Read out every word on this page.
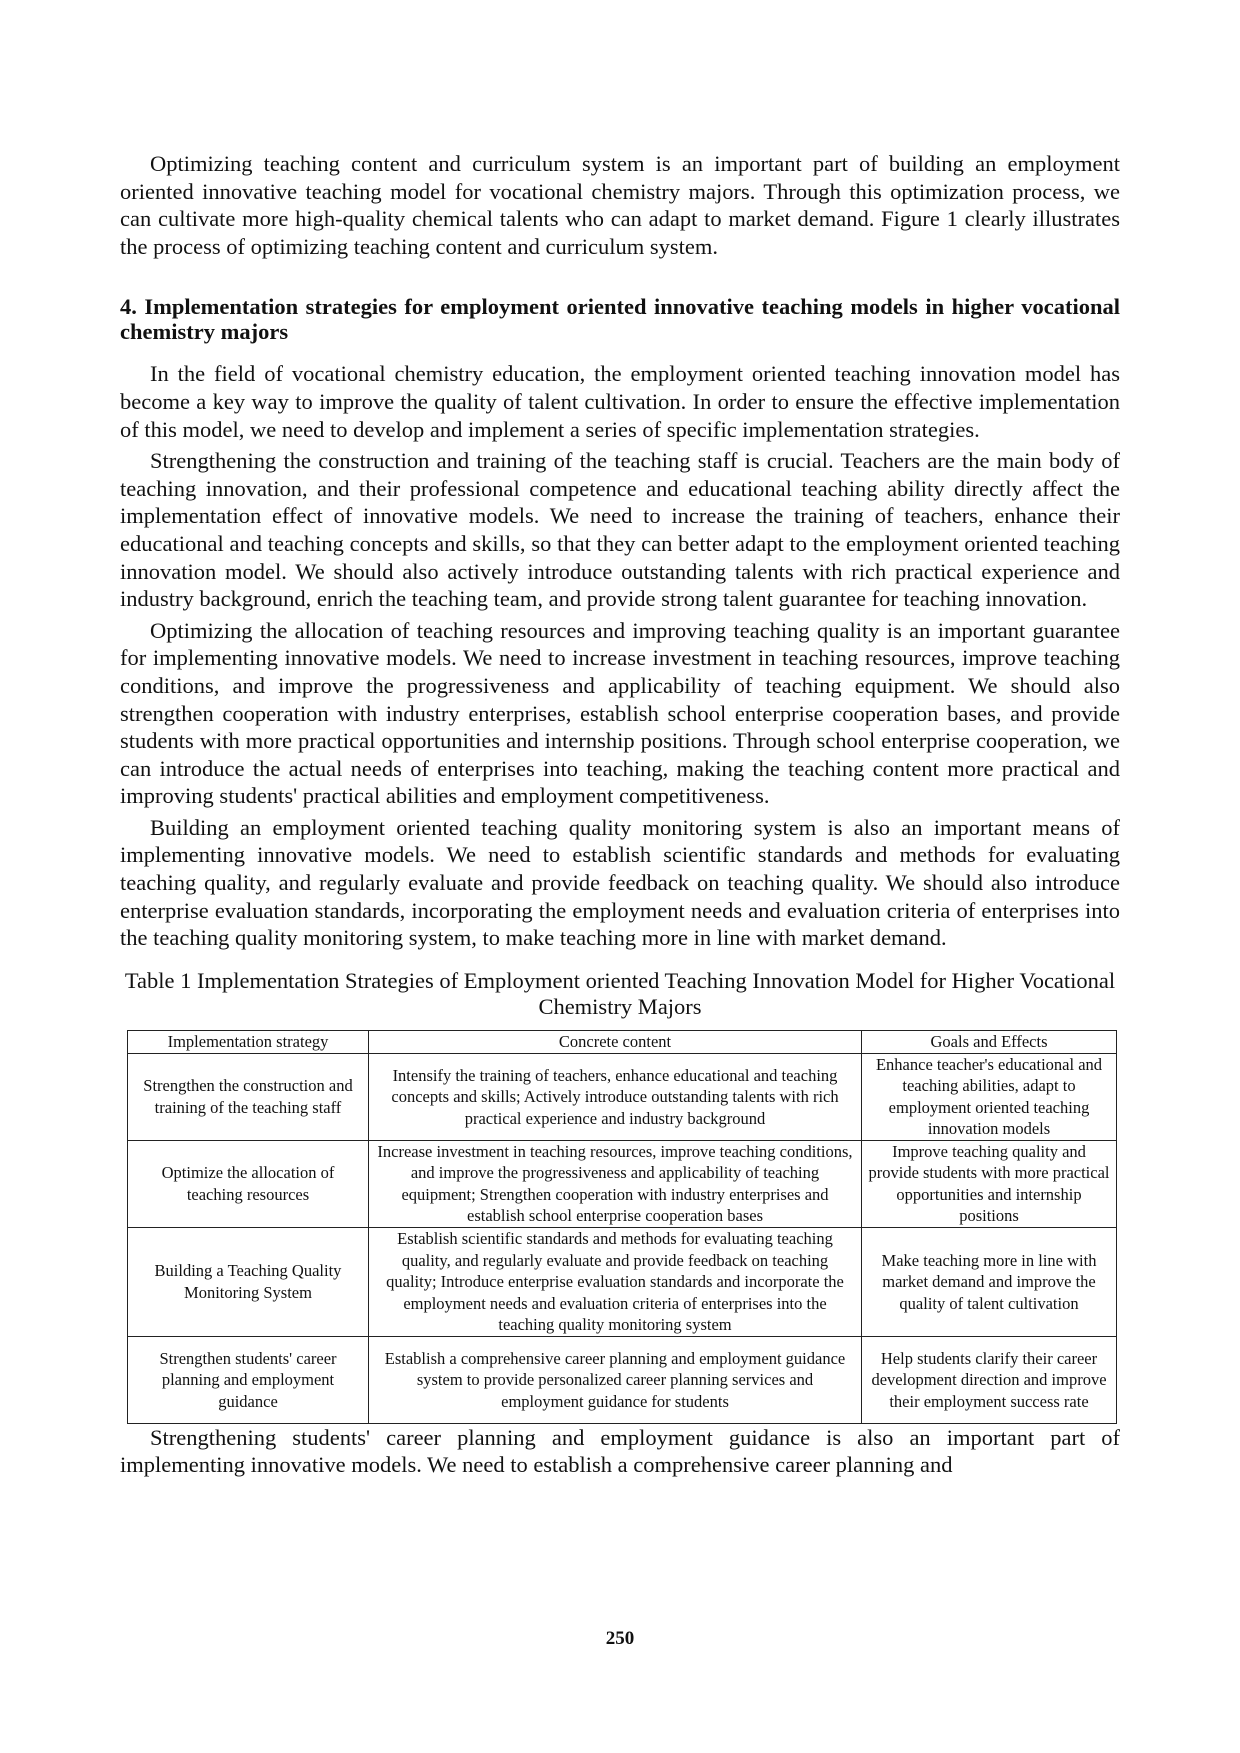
Optimizing teaching content and curriculum system is an important part of building an employment oriented innovative teaching model for vocational chemistry majors. Through this optimization process, we can cultivate more high-quality chemical talents who can adapt to market demand. Figure 1 clearly illustrates the process of optimizing teaching content and curriculum system.

4. Implementation strategies for employment oriented innovative teaching models in higher vocational chemistry majors

In the field of vocational chemistry education, the employment oriented teaching innovation model has become a key way to improve the quality of talent cultivation. In order to ensure the effective implementation of this model, we need to develop and implement a series of specific implementation strategies.

Strengthening the construction and training of the teaching staff is crucial. Teachers are the main body of teaching innovation, and their professional competence and educational teaching ability directly affect the implementation effect of innovative models. We need to increase the training of teachers, enhance their educational and teaching concepts and skills, so that they can better adapt to the employment oriented teaching innovation model. We should also actively introduce outstanding talents with rich practical experience and industry background, enrich the teaching team, and provide strong talent guarantee for teaching innovation.

Optimizing the allocation of teaching resources and improving teaching quality is an important guarantee for implementing innovative models. We need to increase investment in teaching resources, improve teaching conditions, and improve the progressiveness and applicability of teaching equipment. We should also strengthen cooperation with industry enterprises, establish school enterprise cooperation bases, and provide students with more practical opportunities and internship positions. Through school enterprise cooperation, we can introduce the actual needs of enterprises into teaching, making the teaching content more practical and improving students' practical abilities and employment competitiveness.

Building an employment oriented teaching quality monitoring system is also an important means of implementing innovative models. We need to establish scientific standards and methods for evaluating teaching quality, and regularly evaluate and provide feedback on teaching quality. We should also introduce enterprise evaluation standards, incorporating the employment needs and evaluation criteria of enterprises into the teaching quality monitoring system, to make teaching more in line with market demand.

Table 1 Implementation Strategies of Employment oriented Teaching Innovation Model for Higher Vocational Chemistry Majors
Implementation strategy	Concrete content	Goals and Effects
Strengthen the construction and training of the teaching staff	Intensify the training of teachers, enhance educational and teaching concepts and skills; Actively introduce outstanding talents with rich practical experience and industry background	Enhance teacher's educational and teaching abilities, adapt to employment oriented teaching innovation models
Optimize the allocation of teaching resources	Increase investment in teaching resources, improve teaching conditions, and improve the progressiveness and applicability of teaching equipment; Strengthen cooperation with industry enterprises and establish school enterprise cooperation bases	Improve teaching quality and provide students with more practical opportunities and internship positions
Building a Teaching Quality Monitoring System	Establish scientific standards and methods for evaluating teaching quality, and regularly evaluate and provide feedback on teaching quality; Introduce enterprise evaluation standards and incorporate the employment needs and evaluation criteria of enterprises into the teaching quality monitoring system	Make teaching more in line with market demand and improve the quality of talent cultivation
Strengthen students' career planning and employment guidance	Establish a comprehensive career planning and employment guidance system to provide personalized career planning services and employment guidance for students	Help students clarify their career development direction and improve their employment success rate

Strengthening students' career planning and employment guidance is also an important part of implementing innovative models. We need to establish a comprehensive career planning and

250
